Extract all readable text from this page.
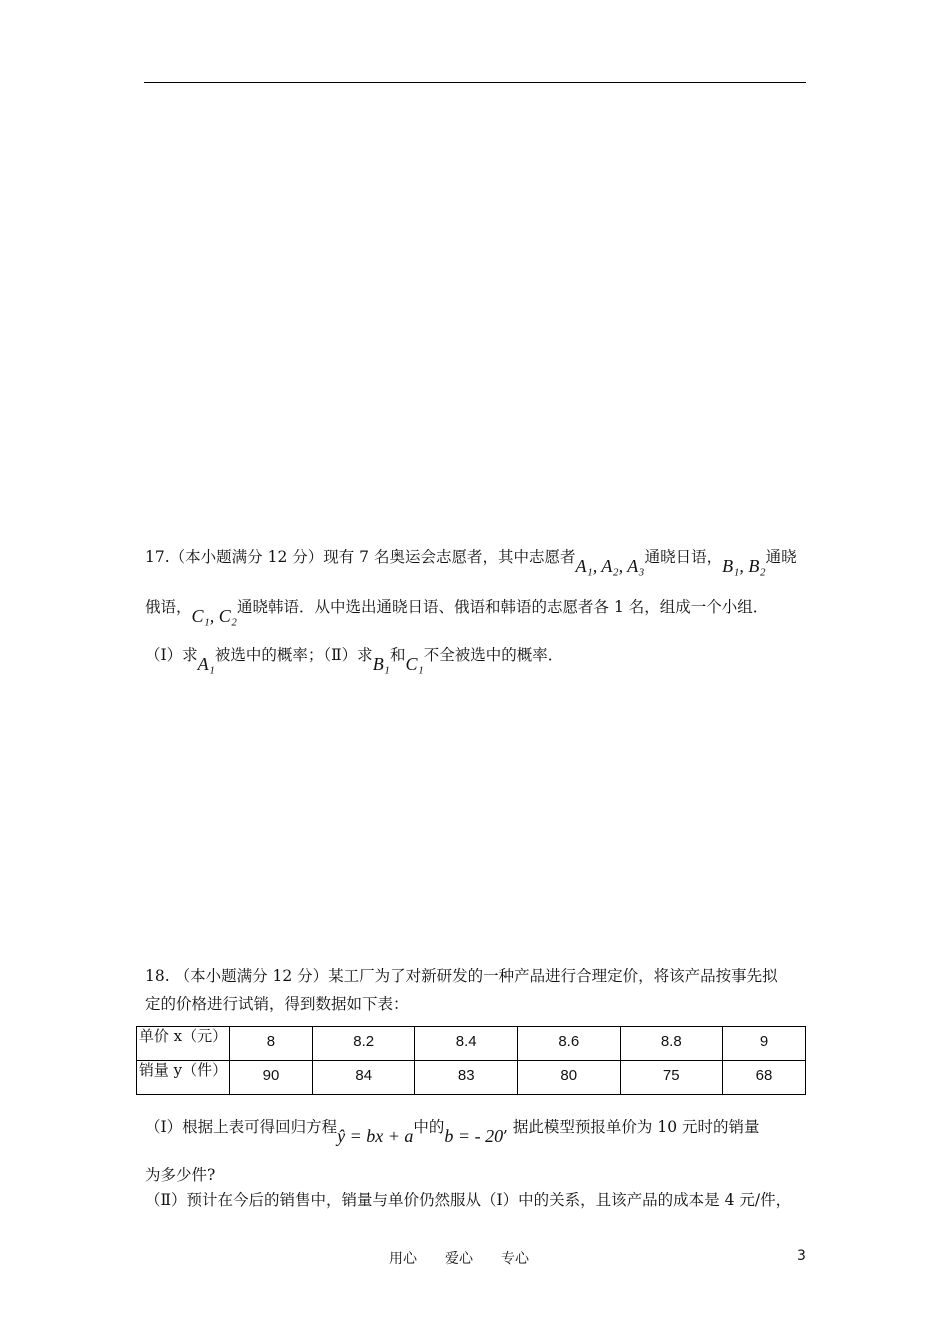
17.（本小题满分 12 分）现有 7 名奥运会志愿者，其中志愿者A₁, A₂, A₃通晓日语，B₁, B₂通晓
俄语，C₁, C₂通晓韩语．从中选出通晓日语、俄语和韩语的志愿者各 1 名，组成一个小组．
（Ⅰ）求A₁被选中的概率；（Ⅱ）求B₁和C₁不全被选中的概率．
18. （本小题满分 12 分）某工厂为了对新研发的一种产品进行合理定价，将该产品按事先拟
定的价格进行试销，得到数据如下表：
单价 x（元）	8	8.2	8.4	8.6	8.8	9
销量 y（件）	90	84	83	80	75	68
（Ⅰ）根据上表可得回归方程ŷ = bx + a中的b = - 20, 据此模型预报单价为 10 元时的销量
为多少件?
（Ⅱ）预计在今后的销售中，销量与单价仍然服从（Ⅰ）中的关系，且该产品的成本是 4 元/件，
用心　　爱心　　专心	3
